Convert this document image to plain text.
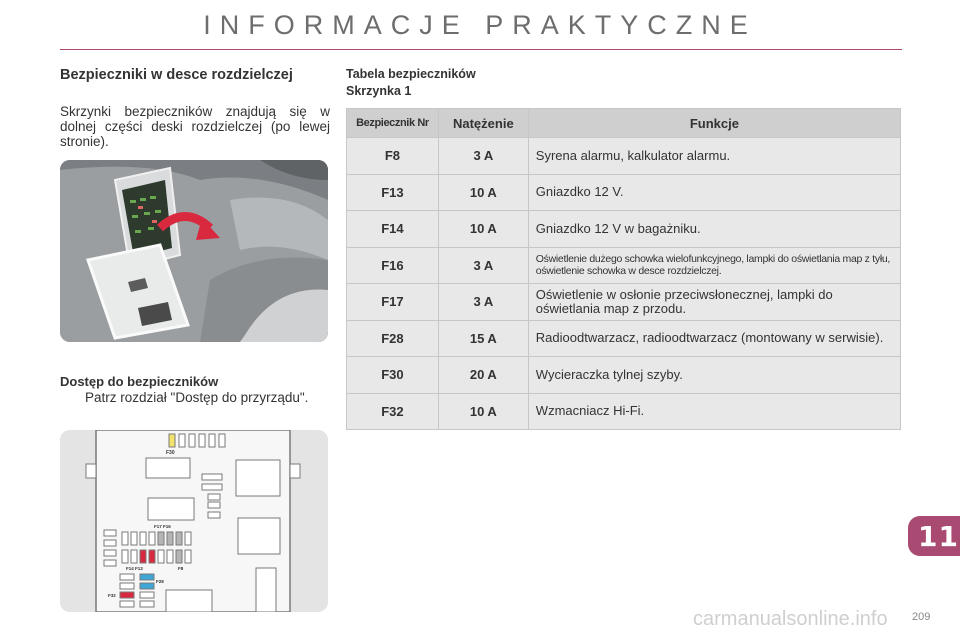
INFORMACJE PRAKTYCZNE
Bezpieczniki w desce rozdzielczej
Skrzynki bezpieczników znajdują się w dolnej części deski rozdzielczej (po lewej stronie).
Dostęp do bezpieczników
Patrz rozdział "Dostęp do przyrządu".
F30
F17 F16
F8
F14 F13
F28
F32
Tabela bezpieczników
Skrzynka 1
Bezpiecznik Nr	Natężenie	Funkcje
F8	3 A	Syrena alarmu, kalkulator alarmu.
F13	10 A	Gniazdko 12 V.
F14	10 A	Gniazdko 12 V w bagażniku.
F16	3 A	Oświetlenie dużego schowka wielofunkcyjnego, lampki do oświetlania map z tyłu, oświetlenie schowka w desce rozdzielczej.
F17	3 A	Oświetlenie w osłonie przeciwsłonecznej, lampki do oświetlania map z przodu.
F28	15 A	Radioodtwarzacz, radioodtwarzacz (montowany w serwisie).
F30	20 A	Wycieraczka tylnej szyby.
F32	10 A	Wzmacniacz Hi-Fi.
11
carmanualsonline.info 209
